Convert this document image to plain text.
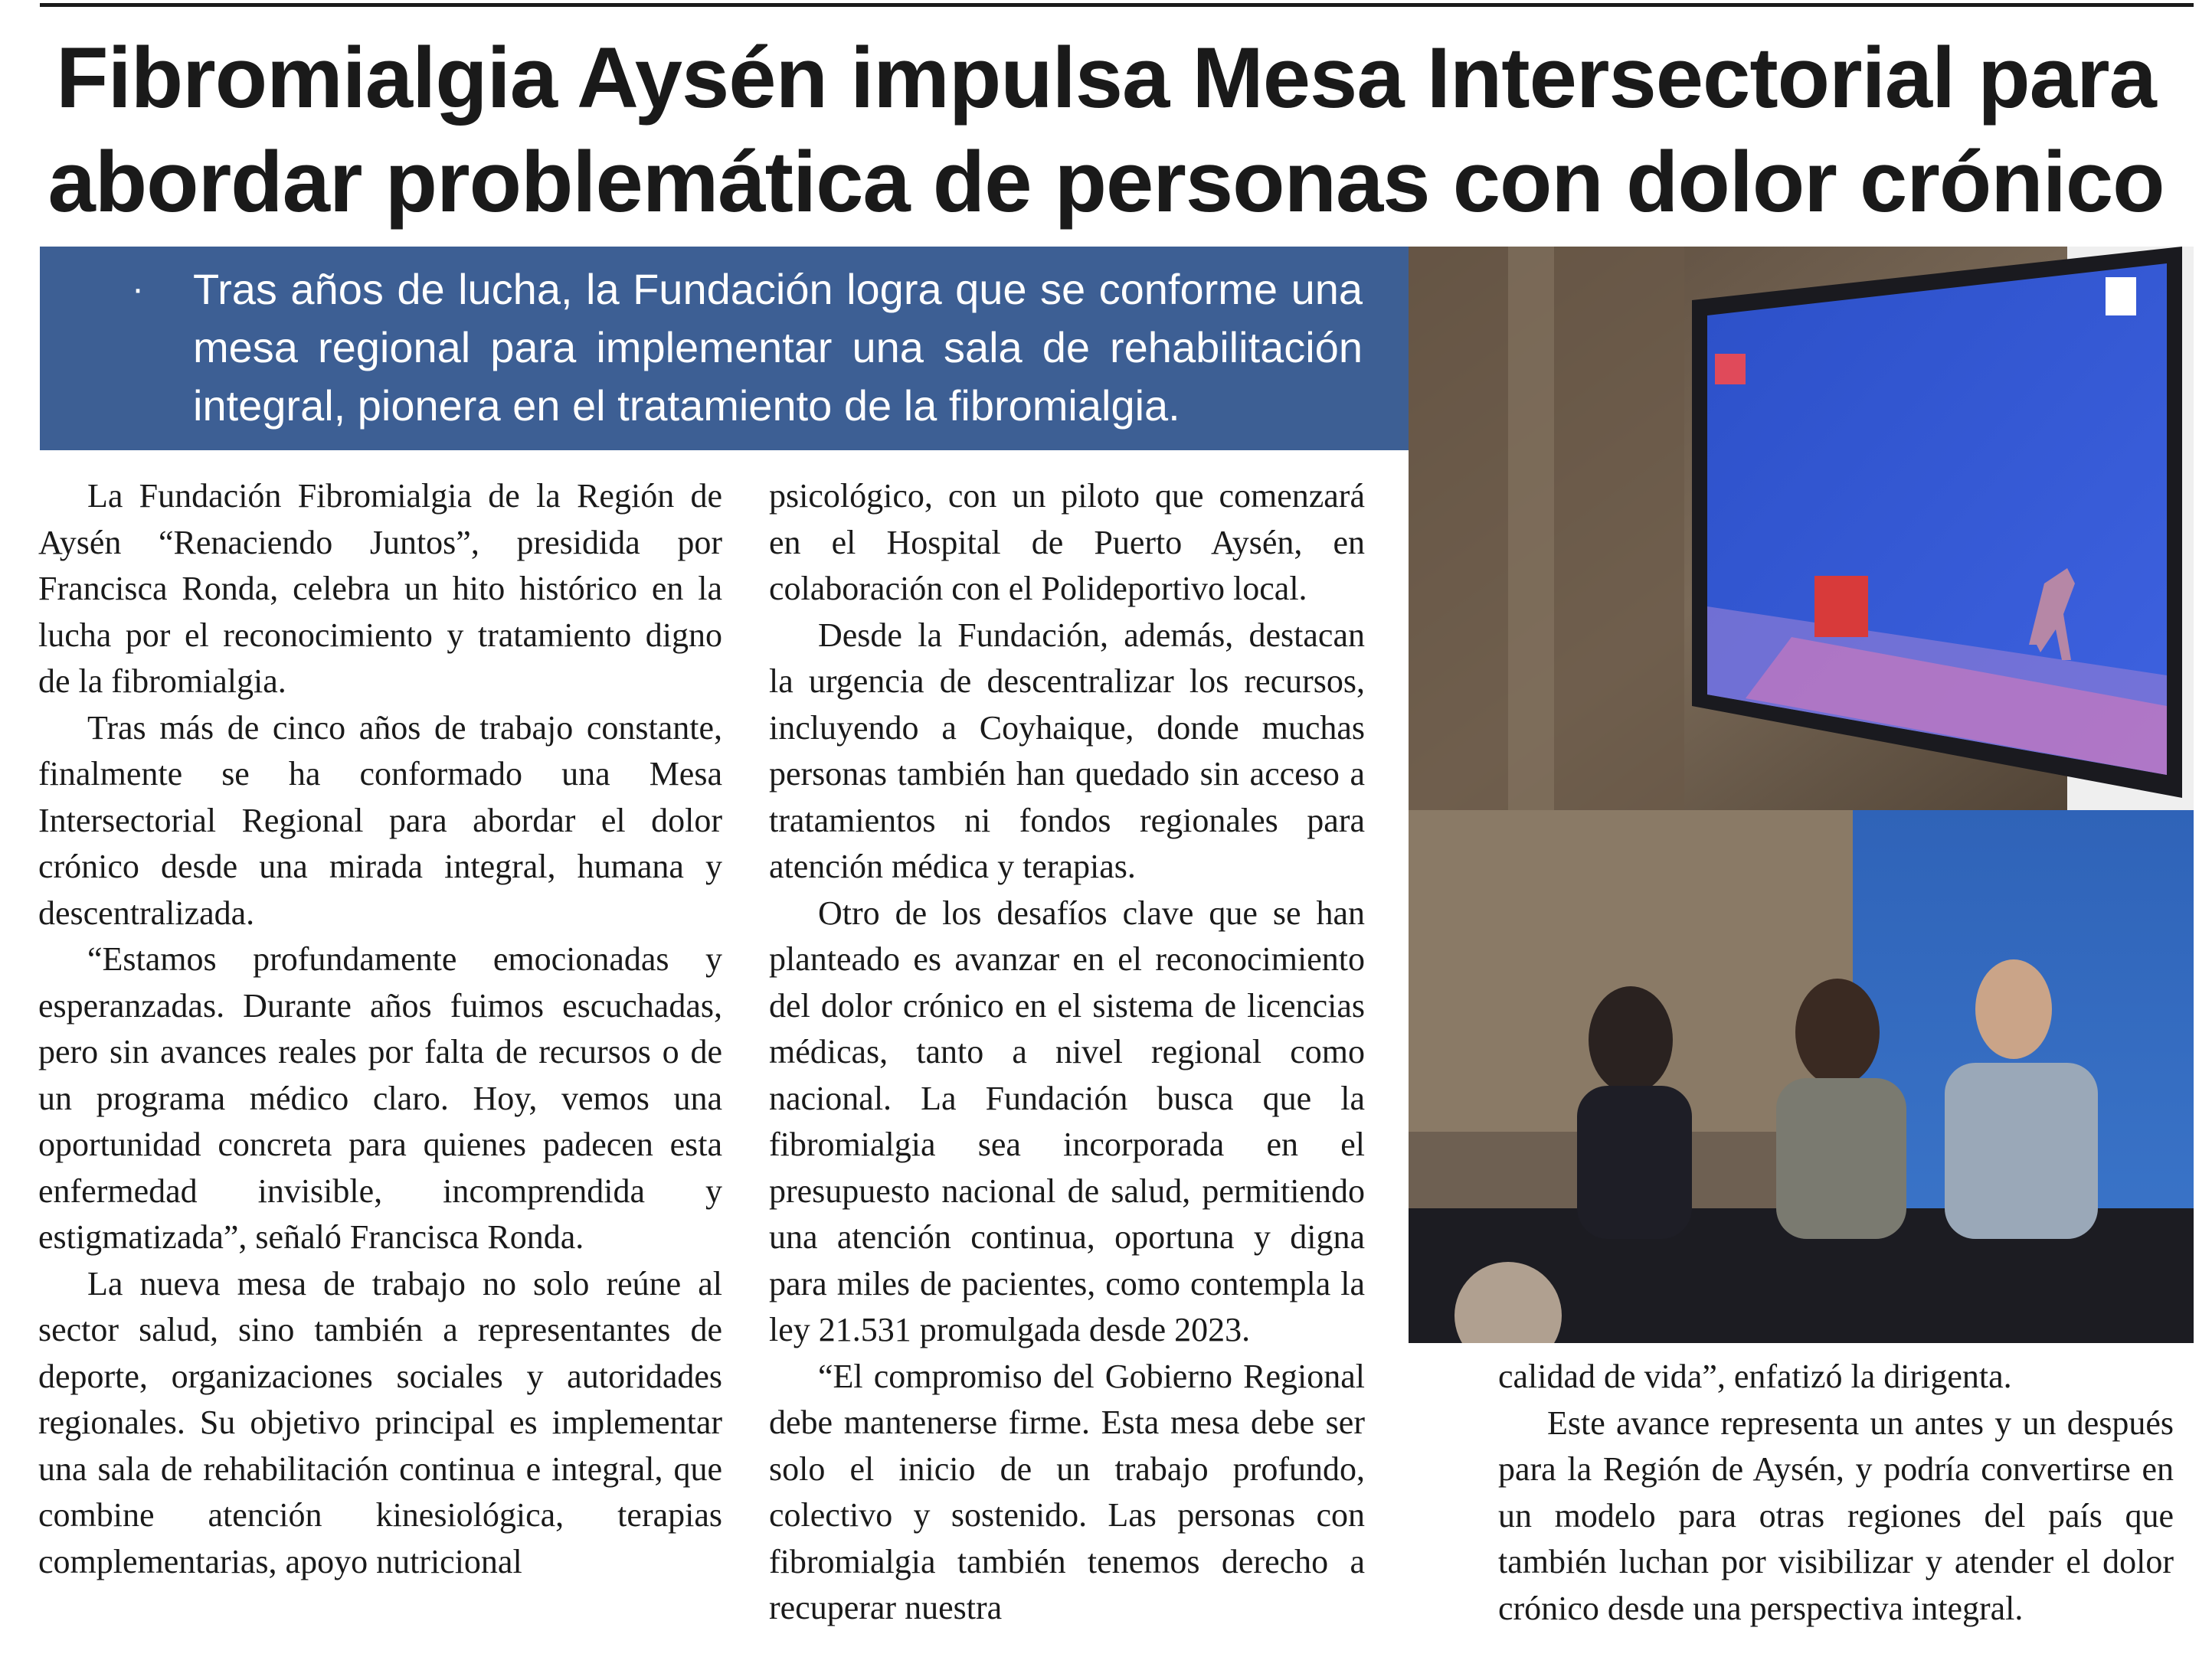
Fibromialgia Aysén impulsa Mesa Intersectorial para
abordar problemática de personas con dolor crónico
· Tras años de lucha, la Fundación logra que se conforme una mesa regional para implementar una sala de rehabilitación integral, pionera en el tratamiento de la fibromialgia.

La Fundación Fibromialgia de la Región de Aysén “Renaciendo Juntos”, presidida por Francisca Ronda, celebra un hito histórico en la lucha por el reconocimiento y tratamiento digno de la fibromialgia.

Tras más de cinco años de trabajo constante, finalmente se ha conformado una Mesa Intersectorial Regional para abordar el dolor crónico desde una mirada integral, humana y descentralizada.

“Estamos profundamente emocionadas y esperanzadas. Durante años fuimos escuchadas, pero sin avances reales por falta de recursos o de un programa médico claro. Hoy, vemos una oportunidad concreta para quienes padecen esta enfermedad invisible, incomprendida y estigmatizada”, señaló Francisca Ronda.

La nueva mesa de trabajo no solo reúne al sector salud, sino también a representantes de deporte, organizaciones sociales y autoridades regionales. Su objetivo principal es implementar una sala de rehabilitación continua e integral, que combine atención kinesiológica, terapias complementarias, apoyo nutricional

psicológico, con un piloto que comenzará en el Hospital de Puerto Aysén, en colaboración con el Polideportivo local.

Desde la Fundación, además, destacan la urgencia de descentralizar los recursos, incluyendo a Coyhaique, donde muchas personas también han quedado sin acceso a tratamientos ni fondos regionales para atención médica y terapias.

Otro de los desafíos clave que se han planteado es avanzar en el reconocimiento del dolor crónico en el sistema de licencias médicas, tanto a nivel regional como nacional. La Fundación busca que la fibromialgia sea incorporada en el presupuesto nacional de salud, permitiendo una atención continua, oportuna y digna para miles de pacientes, como contempla la ley 21.531 promulgada desde 2023.

“El compromiso del Gobierno Regional debe mantenerse firme. Esta mesa debe ser solo el inicio de un trabajo profundo, colectivo y sostenido. Las personas con fibromialgia también tenemos derecho a recuperar nuestra

calidad de vida”, enfatizó la dirigenta.

Este avance representa un antes y un después para la Región de Aysén, y podría convertirse en un modelo para otras regiones del país que también luchan por visibilizar y atender el dolor crónico desde una perspectiva integral.
